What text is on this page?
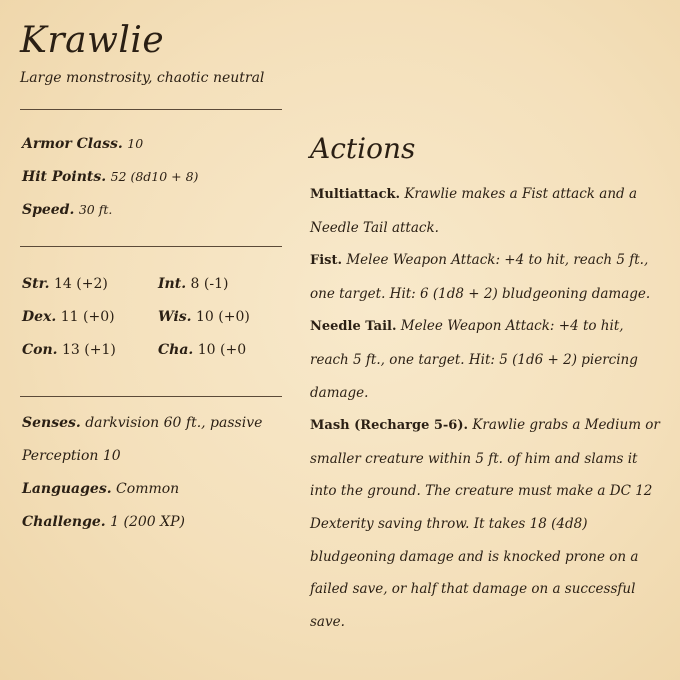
Krawlie
Large monstrosity, chaotic neutral
Armor Class. 10
Hit Points. 52 (8d10 + 8)
Speed. 30 ft.
Str. 14 (+2)	Int. 8 (-1)
Dex. 11 (+0)	Wis. 10 (+0)
Con. 13 (+1)	Cha. 10 (+0
Senses. darkvision 60 ft., passive
Perception 10
Languages. Common
Challenge. 1 (200 XP)
Actions

Multiattack. Krawlie makes a Fist attack and a Needle Tail attack.

Fist. Melee Weapon Attack: +4 to hit, reach 5 ft., one target. Hit: 6 (1d8 + 2) bludgeoning damage.

Needle Tail. Melee Weapon Attack: +4 to hit, reach 5 ft., one target. Hit: 5 (1d6 + 2) piercing damage.

Mash (Recharge 5-6). Krawlie grabs a Medium or smaller creature within 5 ft. of him and slams it into the ground. The creature must make a DC 12 Dexterity saving throw. It takes 18 (4d8) bludgeoning damage and is knocked prone on a failed save, or half that damage on a successful save.
